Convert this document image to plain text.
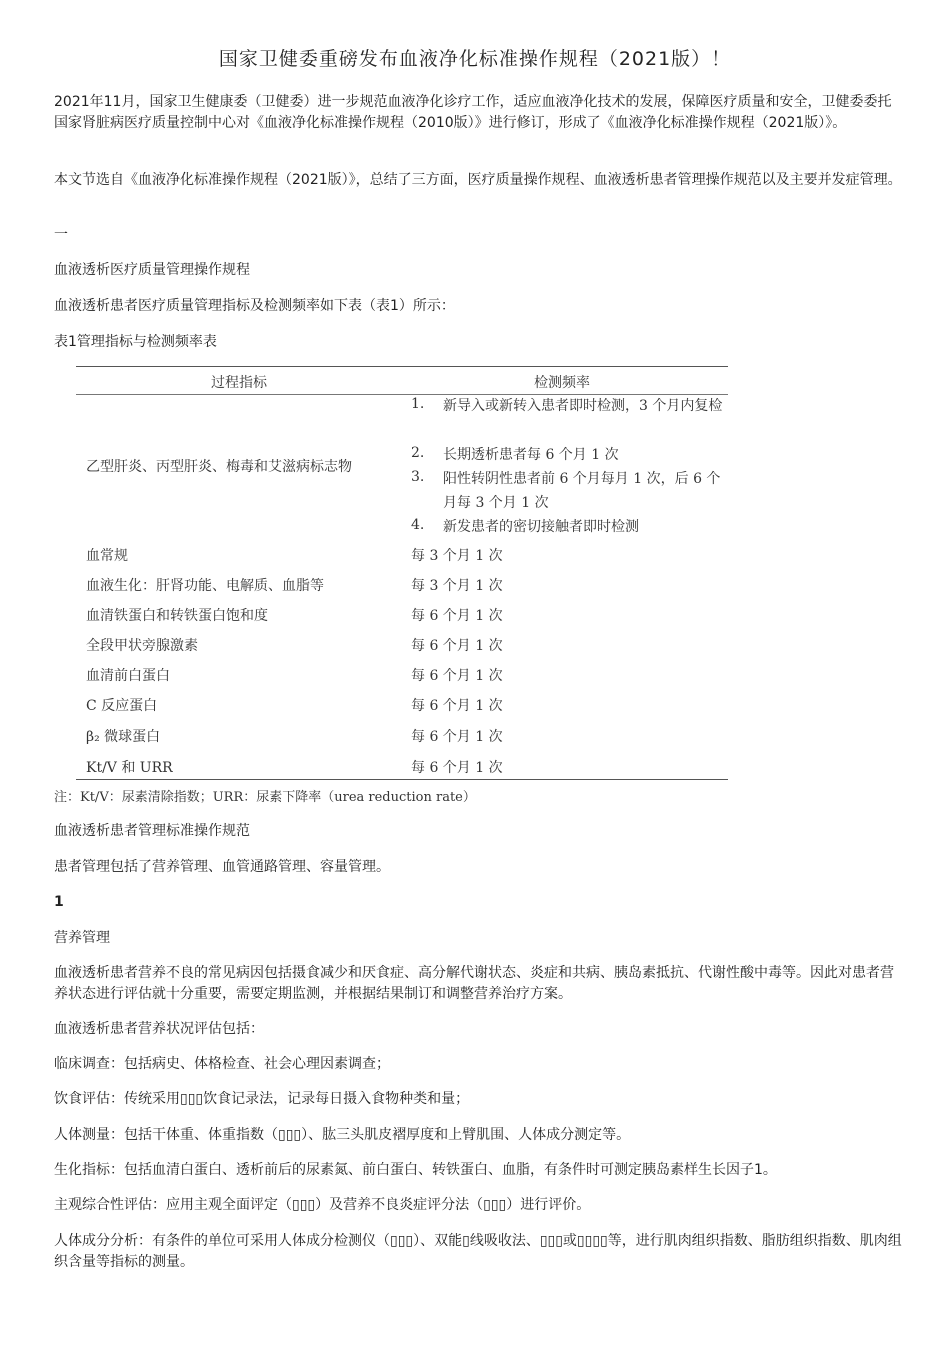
国家卫健委重磅发布血液净化标准操作规程（2021版）！
2021年11月，国家卫生健康委（卫健委）进一步规范血液净化诊疗工作，适应血液净化技术的发展，保障医疗质量和安全，卫健委委托国家肾脏病医疗质量控制中心对《血液净化标准操作规程（2010版）》进行修订，形成了《血液净化标准操作规程（2021版）》。
本文节选自《血液净化标准操作规程（2021版）》，总结了三方面，医疗质量操作规程、血液透析患者管理操作规范以及主要并发症管理。
一
血液透析医疗质量管理操作规程
血液透析患者医疗质量管理指标及检测频率如下表（表1）所示：
表1管理指标与检测频率表
过程指标	检测频率
乙型肝炎、丙型肝炎、梅毒和艾滋病标志物
1. 新导入或新转入患者即时检测，3 个月内复检
2. 长期透析患者每 6 个月 1 次
3. 阳性转阴性患者前 6 个月每月 1 次，后 6 个月每 3 个月 1 次
4. 新发患者的密切接触者即时检测
血常规	每 3 个月 1 次
血液生化：肝肾功能、电解质、血脂等	每 3 个月 1 次
血清铁蛋白和转铁蛋白饱和度	每 6 个月 1 次
全段甲状旁腺激素	每 6 个月 1 次
血清前白蛋白	每 6 个月 1 次
C 反应蛋白	每 6 个月 1 次
β₂ 微球蛋白	每 6 个月 1 次
Kt/V 和 URR	每 6 个月 1 次
注：Kt/V：尿素清除指数；URR：尿素下降率（urea reduction rate）
血液透析患者管理标准操作规范
患者管理包括了营养管理、血管通路管理、容量管理。
1
营养管理
血液透析患者营养不良的常见病因包括摄食减少和厌食症、高分解代谢状态、炎症和共病、胰岛素抵抗、代谢性酸中毒等。因此对患者营养状态进行评估就十分重要，需要定期监测，并根据结果制订和调整营养治疗方案。
血液透析患者营养状况评估包括：
临床调查：包括病史、体格检查、社会心理因素调查；
饮食评估：传统采用▯▯▯饮食记录法，记录每日摄入食物种类和量；
人体测量：包括干体重、体重指数（▯▯▯）、肱三头肌皮褶厚度和上臂肌围、人体成分测定等。
生化指标：包括血清白蛋白、透析前后的尿素氮、前白蛋白、转铁蛋白、血脂，有条件时可测定胰岛素样生长因子1。
主观综合性评估：应用主观全面评定（▯▯▯）及营养不良炎症评分法（▯▯▯）进行评价。
人体成分分析：有条件的单位可采用人体成分检测仪（▯▯▯）、双能▯线吸收法、▯▯▯或▯▯▯▯等，进行肌肉组织指数、脂肪组织指数、肌肉组织含量等指标的测量。
